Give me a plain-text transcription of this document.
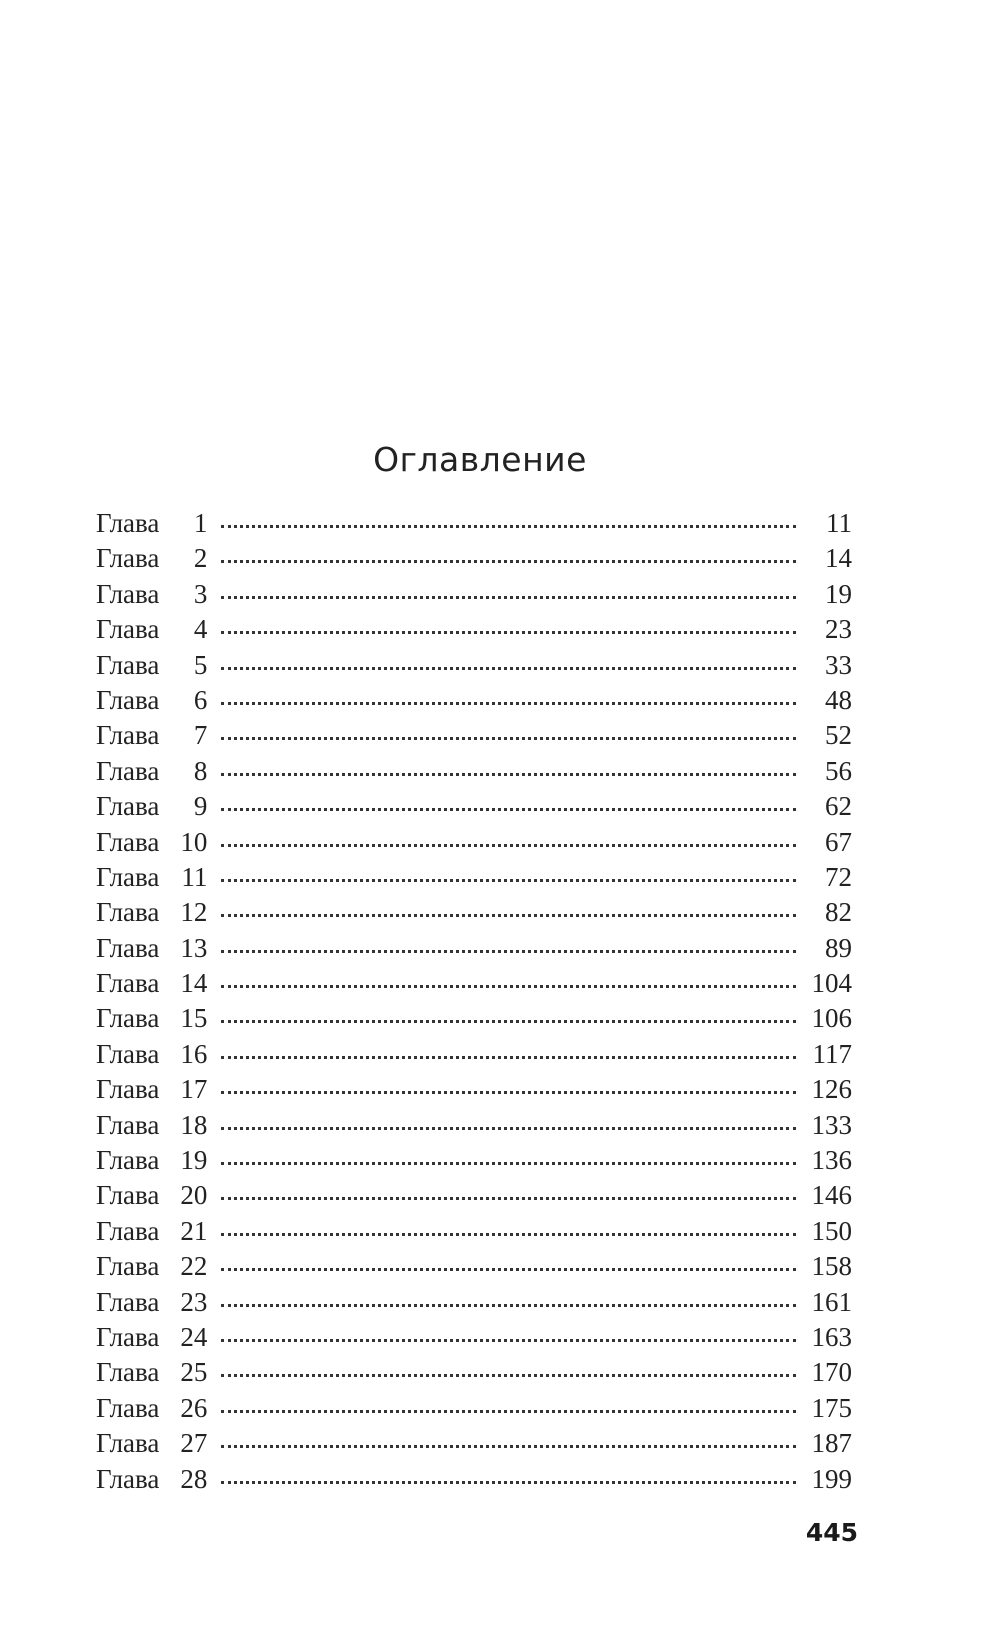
Оглавление
Глава	1	11
Глава	2	14
Глава	3	19
Глава	4	23
Глава	5	33
Глава	6	48
Глава	7	52
Глава	8	56
Глава	9	62
Глава 10	67
Глава 11	72
Глава 12	82
Глава 13	89
Глава 14	104
Глава 15	106
Глава 16	117
Глава 17	126
Глава 18	133
Глава 19	136
Глава 20	146
Глава 21	150
Глава 22	158
Глава 23	161
Глава 24	163
Глава 25	170
Глава 26	175
Глава 27	187
Глава 28	199
445
